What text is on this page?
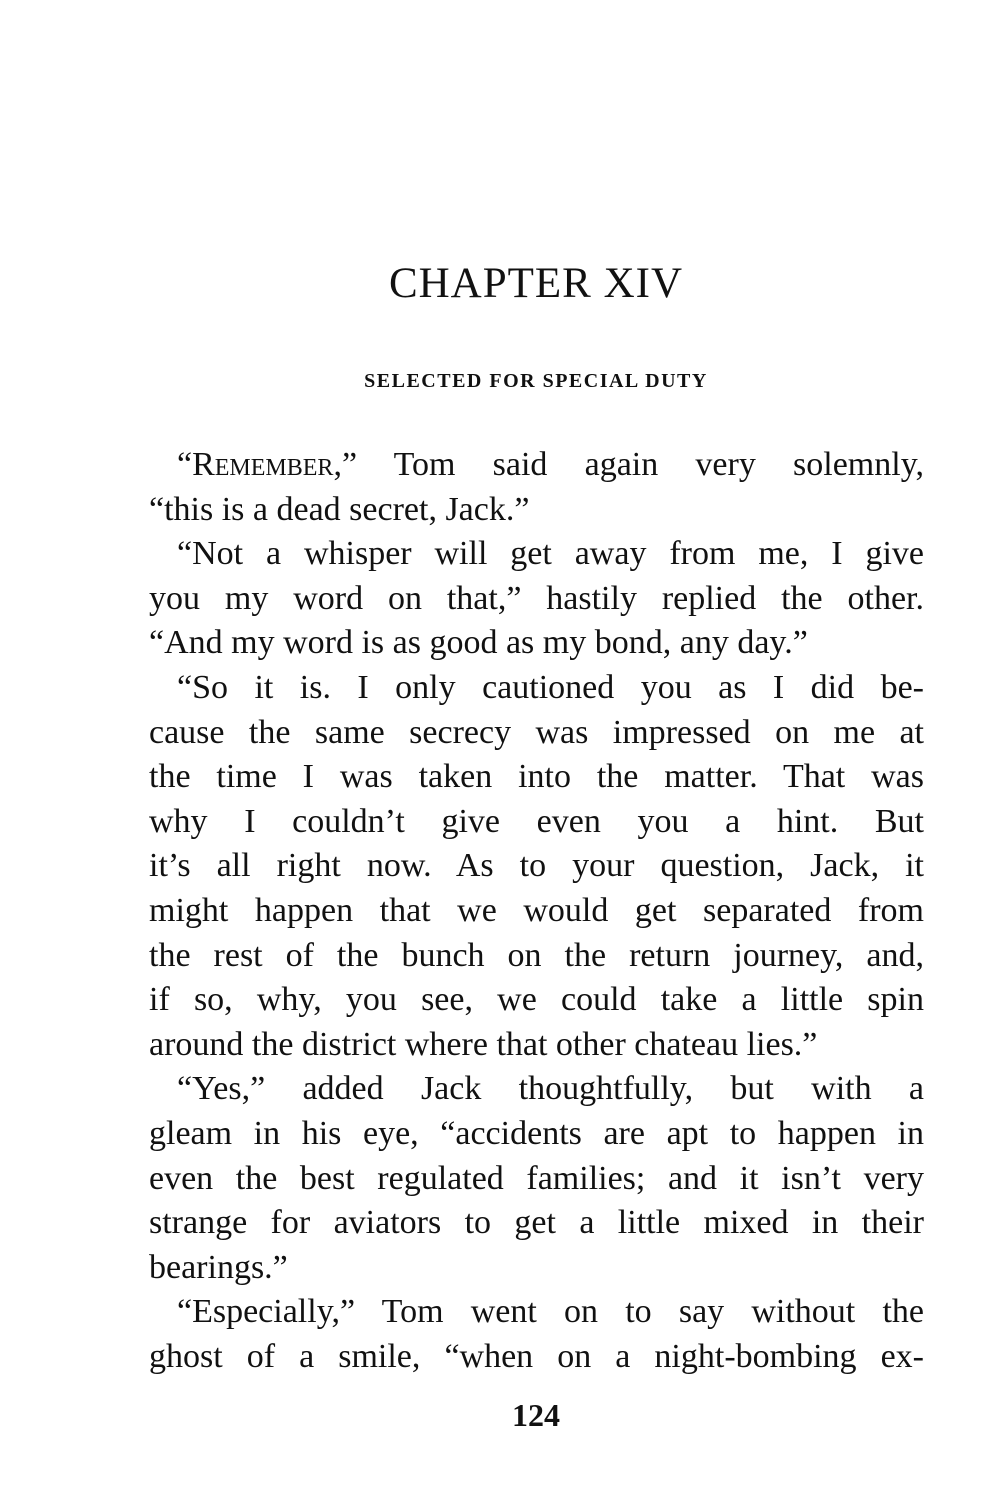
CHAPTER XIV
SELECTED FOR SPECIAL DUTY
“Remember,” Tom said again very solemnly,
“this is a dead secret, Jack.”
“Not a whisper will get away from me, I give
you my word on that,” hastily replied the other.
“And my word is as good as my bond, any day.”
“So it is. I only cautioned you as I did be-
cause the same secrecy was impressed on me at
the time I was taken into the matter. That was
why I couldn’t give even you a hint. But
it’s all right now. As to your question, Jack, it
might happen that we would get separated from
the rest of the bunch on the return journey, and,
if so, why, you see, we could take a little spin
around the district where that other chateau lies.”
“Yes,” added Jack thoughtfully, but with a
gleam in his eye, “accidents are apt to happen in
even the best regulated families; and it isn’t very
strange for aviators to get a little mixed in their
bearings.”
“Especially,” Tom went on to say without the
ghost of a smile, “when on a night-bombing ex-
124
